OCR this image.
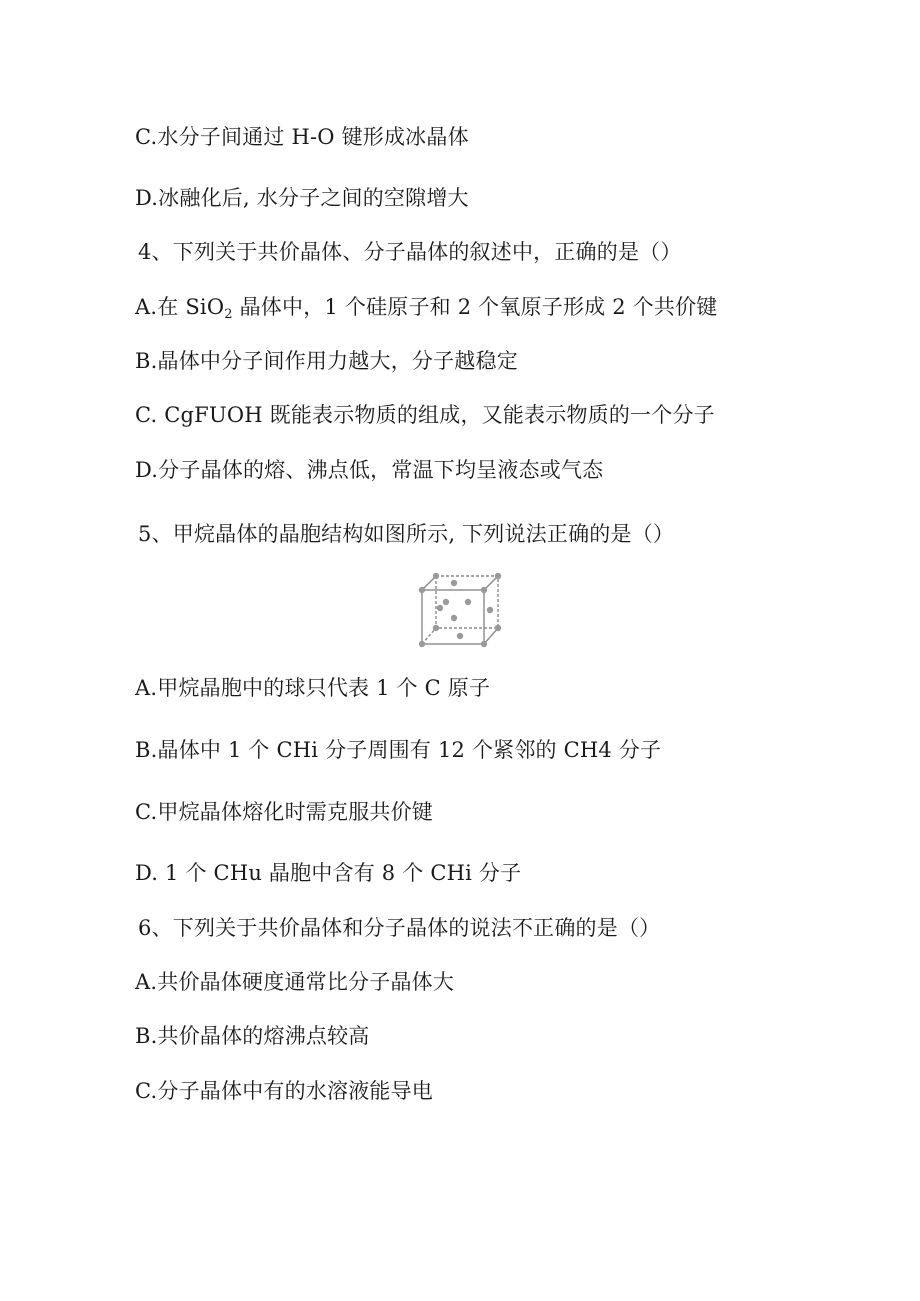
C.水分子间通过 H-O 键形成冰晶体
D.冰融化后, 水分子之间的空隙增大
4、下列关于共价晶体、分子晶体的叙述中，正确的是（）
A.在 SiO$_2$ 晶体中，1 个硅原子和 2 个氧原子形成 2 个共价键
B.晶体中分子间作用力越大，分子越稳定
C. CgFUOH 既能表示物质的组成，又能表示物质的一个分子
D.分子晶体的熔、沸点低，常温下均呈液态或气态
5、甲烷晶体的晶胞结构如图所示, 下列说法正确的是（）
A.甲烷晶胞中的球只代表 1 个 C 原子
B.晶体中 1 个 CHi 分子周围有 12 个紧邻的 CH4 分子
C.甲烷晶体熔化时需克服共价键
D. 1 个 CHu 晶胞中含有 8 个 CHi 分子
6、下列关于共价晶体和分子晶体的说法不正确的是（）
A.共价晶体硬度通常比分子晶体大
B.共价晶体的熔沸点较高
C.分子晶体中有的水溶液能导电
